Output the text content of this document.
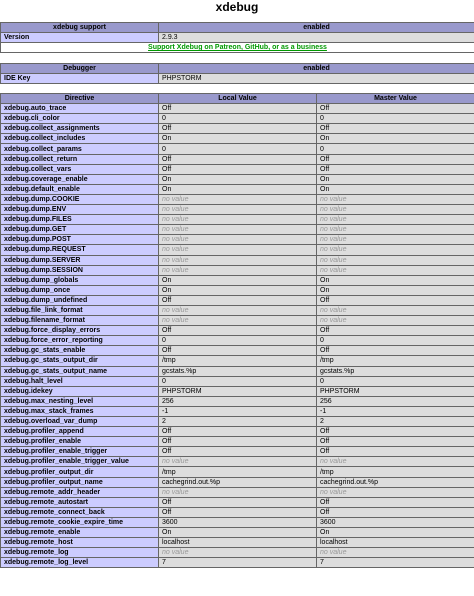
xdebug
xdebug support	enabled
Version	2.9.3
Support Xdebug on Patreon, GitHub, or as a business	
Debugger	enabled
IDE Key	PHPSTORM
Directive	Local Value	Master Value
xdebug.auto_trace	Off	Off
xdebug.cli_color	0	0
xdebug.collect_assignments	Off	Off
xdebug.collect_includes	On	On
xdebug.collect_params	0	0
xdebug.collect_return	Off	Off
xdebug.collect_vars	Off	Off
xdebug.coverage_enable	On	On
xdebug.default_enable	On	On
xdebug.dump.COOKIE	no value	no value
xdebug.dump.ENV	no value	no value
xdebug.dump.FILES	no value	no value
xdebug.dump.GET	no value	no value
xdebug.dump.POST	no value	no value
xdebug.dump.REQUEST	no value	no value
xdebug.dump.SERVER	no value	no value
xdebug.dump.SESSION	no value	no value
xdebug.dump_globals	On	On
xdebug.dump_once	On	On
xdebug.dump_undefined	Off	Off
xdebug.file_link_format	no value	no value
xdebug.filename_format	no value	no value
xdebug.force_display_errors	Off	Off
xdebug.force_error_reporting	0	0
xdebug.gc_stats_enable	Off	Off
xdebug.gc_stats_output_dir	/tmp	/tmp
xdebug.gc_stats_output_name	gcstats.%p	gcstats.%p
xdebug.halt_level	0	0
xdebug.idekey	PHPSTORM	PHPSTORM
xdebug.max_nesting_level	256	256
xdebug.max_stack_frames	-1	-1
xdebug.overload_var_dump	2	2
xdebug.profiler_append	Off	Off
xdebug.profiler_enable	Off	Off
xdebug.profiler_enable_trigger	Off	Off
xdebug.profiler_enable_trigger_value	no value	no value
xdebug.profiler_output_dir	/tmp	/tmp
xdebug.profiler_output_name	cachegrind.out.%p	cachegrind.out.%p
xdebug.remote_addr_header	no value	no value
xdebug.remote_autostart	Off	Off
xdebug.remote_connect_back	Off	Off
xdebug.remote_cookie_expire_time	3600	3600
xdebug.remote_enable	On	On
xdebug.remote_host	localhost	localhost
xdebug.remote_log	no value	no value
xdebug.remote_log_level	7	7
